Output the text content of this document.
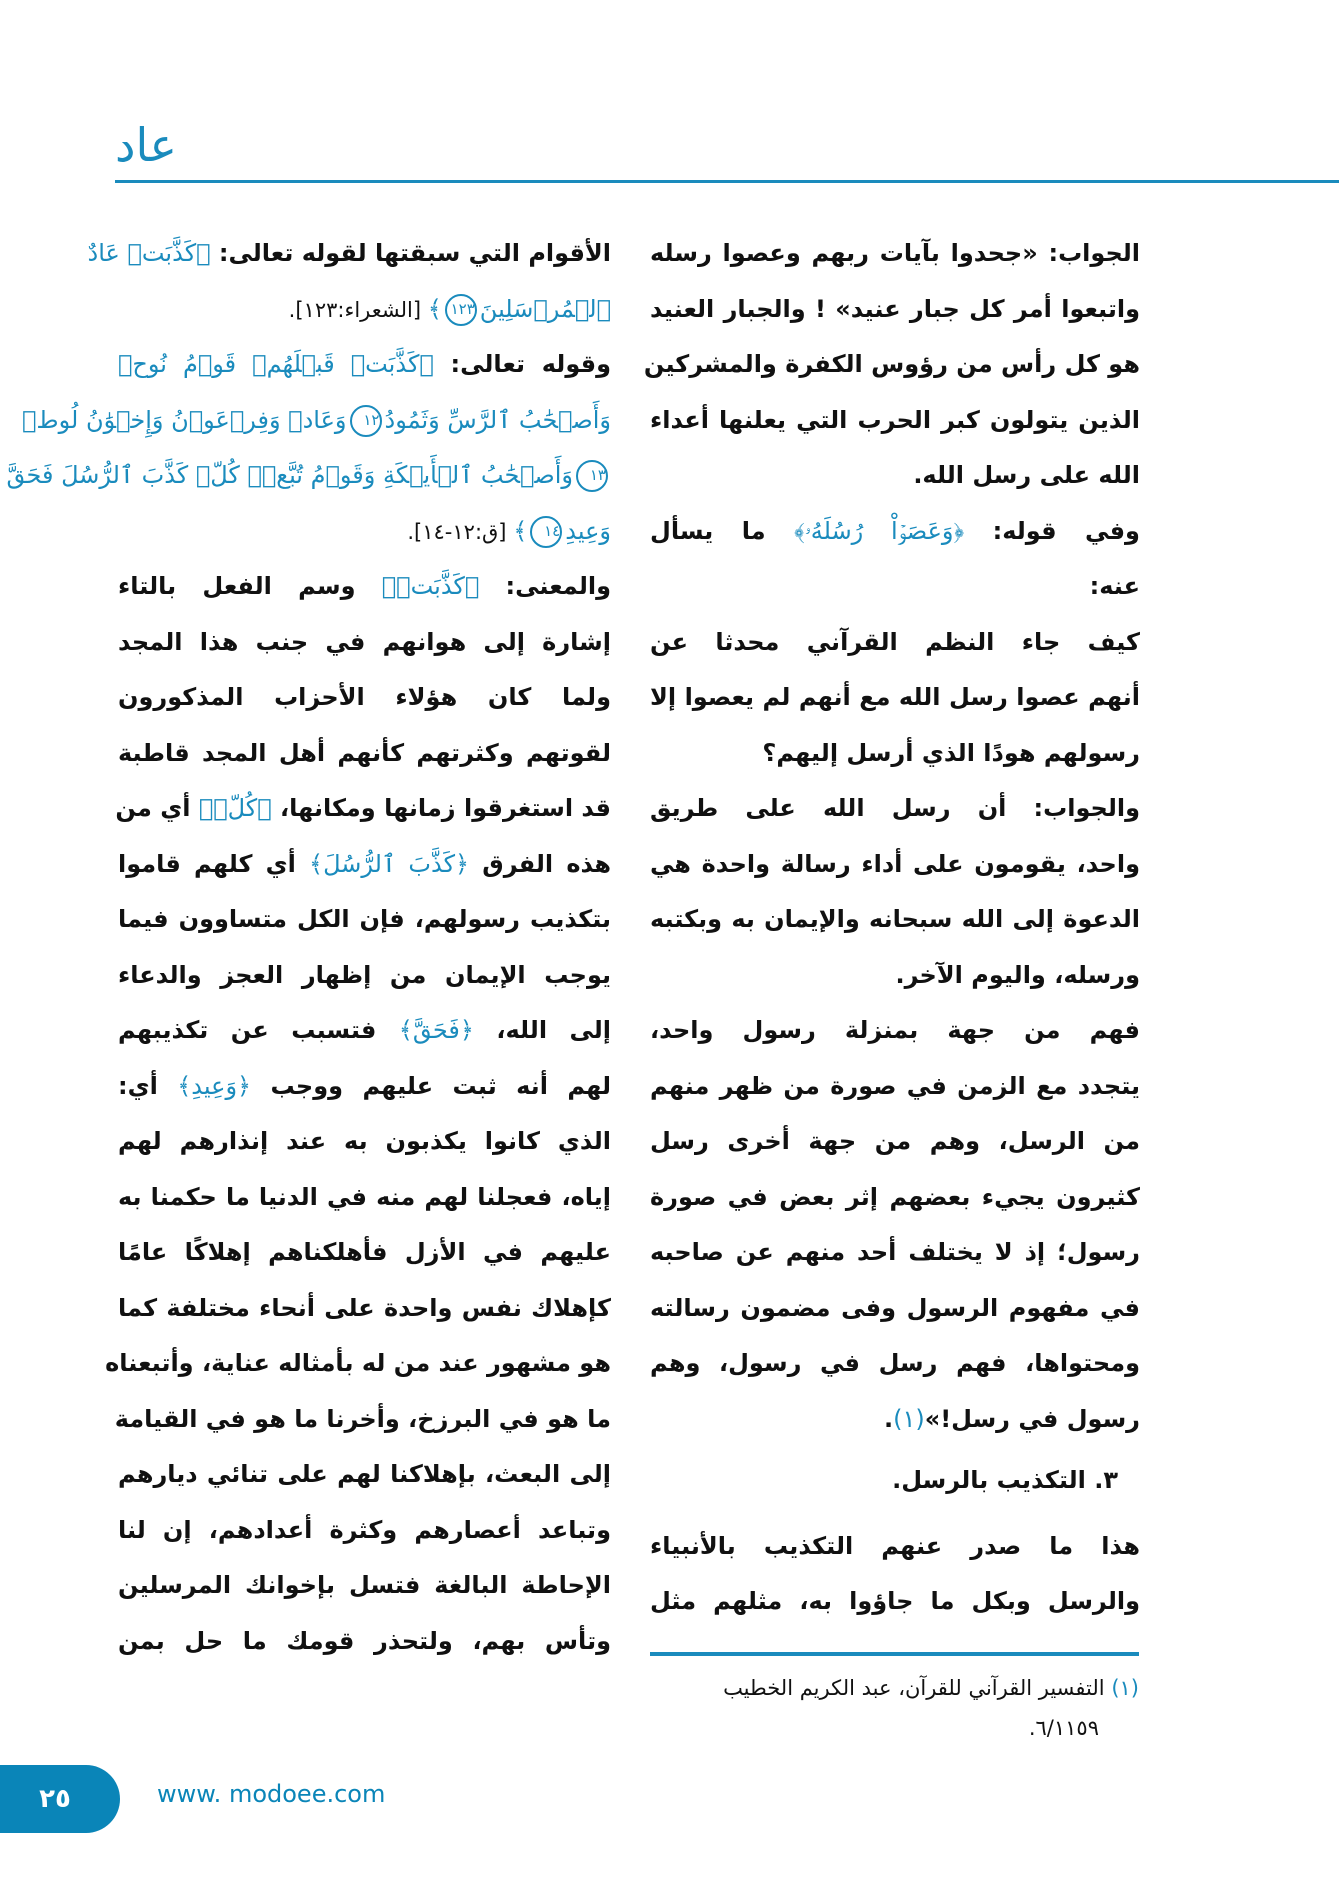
عاد
الجواب: «جحدوا بآيات ربهم وعصوا رسله
واتبعوا أمر كل جبار عنيد» ! والجبار العنيد
هو كل رأس من رؤوس الكفرة والمشركين
الذين يتولون كبر الحرب التي يعلنها أعداء
الله على رسل الله.
وفي قوله: ﴿وَعَصَوۡاْ رُسُلَهُۥ﴾ ما يسأل
عنه:
كيف جاء النظم القرآني محدثا عن
أنهم عصوا رسل الله مع أنهم لم يعصوا إلا
رسولهم هودًا الذي أرسل إليهم؟
والجواب: أن رسل الله على طريق
واحد، يقومون على أداء رسالة واحدة هي
الدعوة إلى الله سبحانه والإيمان به وبكتبه
ورسله، واليوم الآخر.
فهم من جهة بمنزلة رسول واحد،
يتجدد مع الزمن في صورة من ظهر منهم
من الرسل، وهم من جهة أخرى رسل
كثيرون يجيء بعضهم إثر بعض في صورة
رسول؛ إذ لا يختلف أحد منهم عن صاحبه
في مفهوم الرسول وفى مضمون رسالته
ومحتواها، فهم رسل في رسول، وهم
رسول في رسل!»(١).
٣. التكذيب بالرسل.
هذا ما صدر عنهم التكذيب بالأنبياء
والرسل وبكل ما جاؤوا به، مثلهم مثل
الأقوام التي سبقتها لقوله تعالى: ﴿كَذَّبَتۡ عَادٌ
ٱلۡمُرۡسَلِينَ١٢٣﴾ [الشعراء:١٢٣].
وقوله تعالى: ﴿كَذَّبَتۡ قَبۡلَهُمۡ قَوۡمُ نُوحٖ
وَأَصۡحَٰبُ ٱلرَّسِّ وَثَمُودُ١٢وَعَادٞ وَفِرۡعَوۡنُ وَإِخۡوَٰنُ لُوطٖ
١٣وَأَصۡحَٰبُ ٱلۡأَيۡكَةِ وَقَوۡمُ تُبَّعٖۚ كُلّٞ كَذَّبَ ٱلرُّسُلَ فَحَقَّ
وَعِيدِ١٤﴾ [ق:١٢-١٤].
والمعنى: ﴿كَذَّبَتۡ﴾ وسم الفعل بالتاء
إشارة إلى هوانهم في جنب هذا المجد
ولما كان هؤلاء الأحزاب المذكورون
لقوتهم وكثرتهم كأنهم أهل المجد قاطبة
قد استغرقوا زمانها ومكانها، ﴿كُلّٞ﴾ أي من
هذه الفرق ﴿كَذَّبَ ٱلرُّسُلَ﴾ أي كلهم قاموا
بتكذيب رسولهم، فإن الكل متساوون فيما
يوجب الإيمان من إظهار العجز والدعاء
إلى الله، ﴿فَحَقَّ﴾ فتسبب عن تكذيبهم
لهم أنه ثبت عليهم ووجب ﴿وَعِيدِ﴾ أي:
الذي كانوا يكذبون به عند إنذارهم لهم
إياه، فعجلنا لهم منه في الدنيا ما حكمنا به
عليهم في الأزل فأهلكناهم إهلاكًا عامًا
كإهلاك نفس واحدة على أنحاء مختلفة كما
هو مشهور عند من له بأمثاله عناية، وأتبعناه
ما هو في البرزخ، وأخرنا ما هو في القيامة
إلى البعث، بإهلاكنا لهم على تنائي ديارهم
وتباعد أعصارهم وكثرة أعدادهم، إن لنا
الإحاطة البالغة فتسل بإخوانك المرسلين
وتأس بهم، ولتحذر قومك ما حل بمن
(١) التفسير القرآني للقرآن، عبد الكريم الخطيب
٦/١١٥٩.
٢٥	www. modoee.com
